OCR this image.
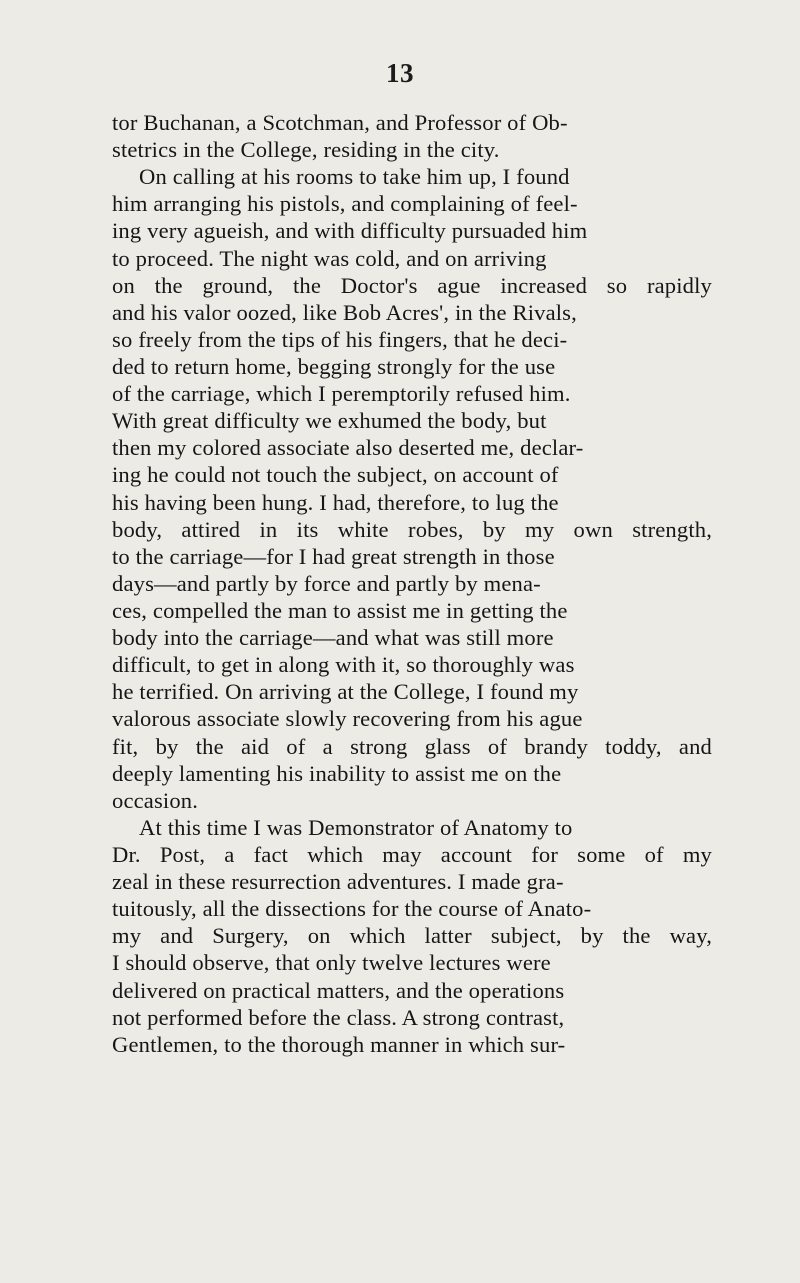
13
tor Buchanan, a Scotchman, and Professor of Ob-
stetrics in the College, residing in the city.
On calling at his rooms to take him up, I found
him arranging his pistols, and complaining of feel-
ing very agueish, and with difficulty pursuaded him
to proceed. The night was cold, and on arriving
on the ground, the Doctor's ague increased so rapidly
and his valor oozed, like Bob Acres', in the Rivals,
so freely from the tips of his fingers, that he deci-
ded to return home, begging strongly for the use
of the carriage, which I peremptorily refused him.
With great difficulty we exhumed the body, but
then my colored associate also deserted me, declar-
ing he could not touch the subject, on account of
his having been hung. I had, therefore, to lug the
body, attired in its white robes, by my own strength,
to the carriage—for I had great strength in those
days—and partly by force and partly by mena-
ces, compelled the man to assist me in getting the
body into the carriage—and what was still more
difficult, to get in along with it, so thoroughly was
he terrified. On arriving at the College, I found my
valorous associate slowly recovering from his ague
fit, by the aid of a strong glass of brandy toddy, and
deeply lamenting his inability to assist me on the
occasion.
At this time I was Demonstrator of Anatomy to
Dr. Post, a fact which may account for some of my
zeal in these resurrection adventures. I made gra-
tuitously, all the dissections for the course of Anato-
my and Surgery, on which latter subject, by the way,
I should observe, that only twelve lectures were
delivered on practical matters, and the operations
not performed before the class. A strong contrast,
Gentlemen, to the thorough manner in which sur-
